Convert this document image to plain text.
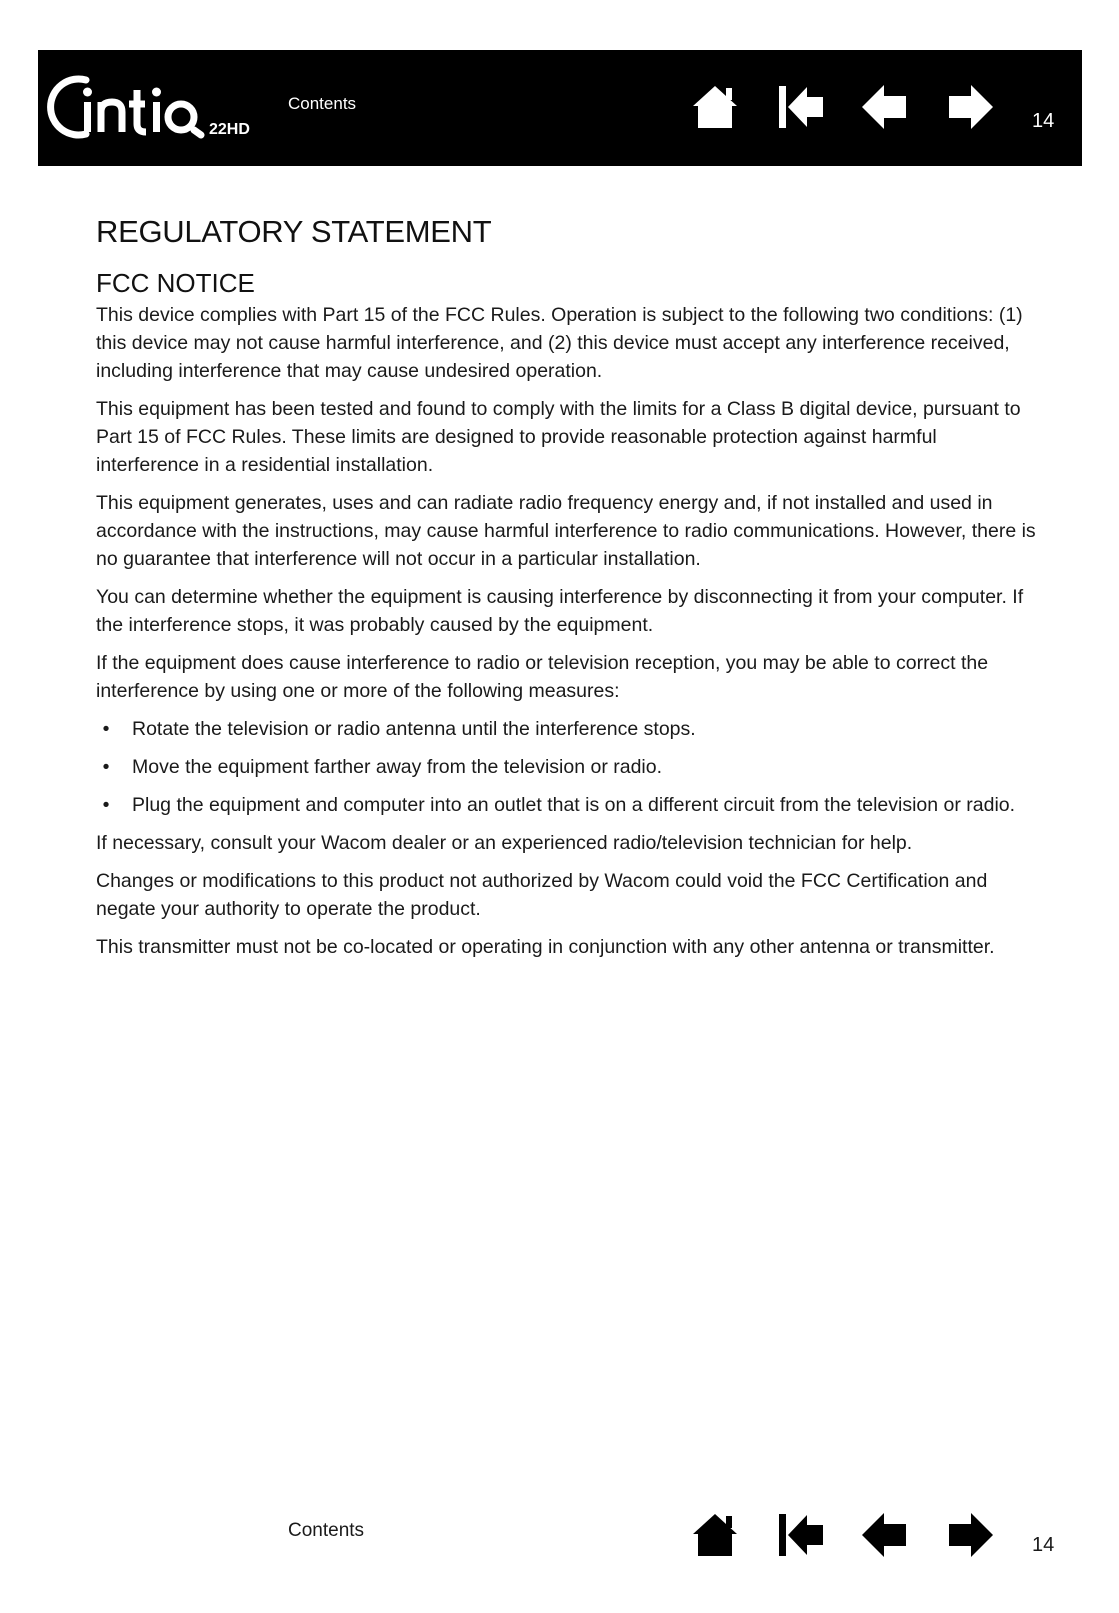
22HD
Contents
14
REGULATORY STATEMENT
FCC NOTICE

This device complies with Part 15 of the FCC Rules. Operation is subject to the following two conditions: (1) this device may not cause harmful interference, and (2) this device must accept any interference received, including interference that may cause undesired operation.

This equipment has been tested and found to comply with the limits for a Class B digital device, pursuant to Part 15 of FCC Rules. These limits are designed to provide reasonable protection against harmful interference in a residential installation.

This equipment generates, uses and can radiate radio frequency energy and, if not installed and used in accordance with the instructions, may cause harmful interference to radio communications. However, there is no guarantee that interference will not occur in a particular installation.

You can determine whether the equipment is causing interference by disconnecting it from your computer. If the interference stops, it was probably caused by the equipment.

If the equipment does cause interference to radio or television reception, you may be able to correct the interference by using one or more of the following measures:

•	Rotate the television or radio antenna until the interference stops.
•	Move the equipment farther away from the television or radio.
•	Plug the equipment and computer into an outlet that is on a different circuit from the television or radio.

If necessary, consult your Wacom dealer or an experienced radio/television technician for help.

Changes or modifications to this product not authorized by Wacom could void the FCC Certification and negate your authority to operate the product.

This transmitter must not be co-located or operating in conjunction with any other antenna or transmitter.

Contents
14
